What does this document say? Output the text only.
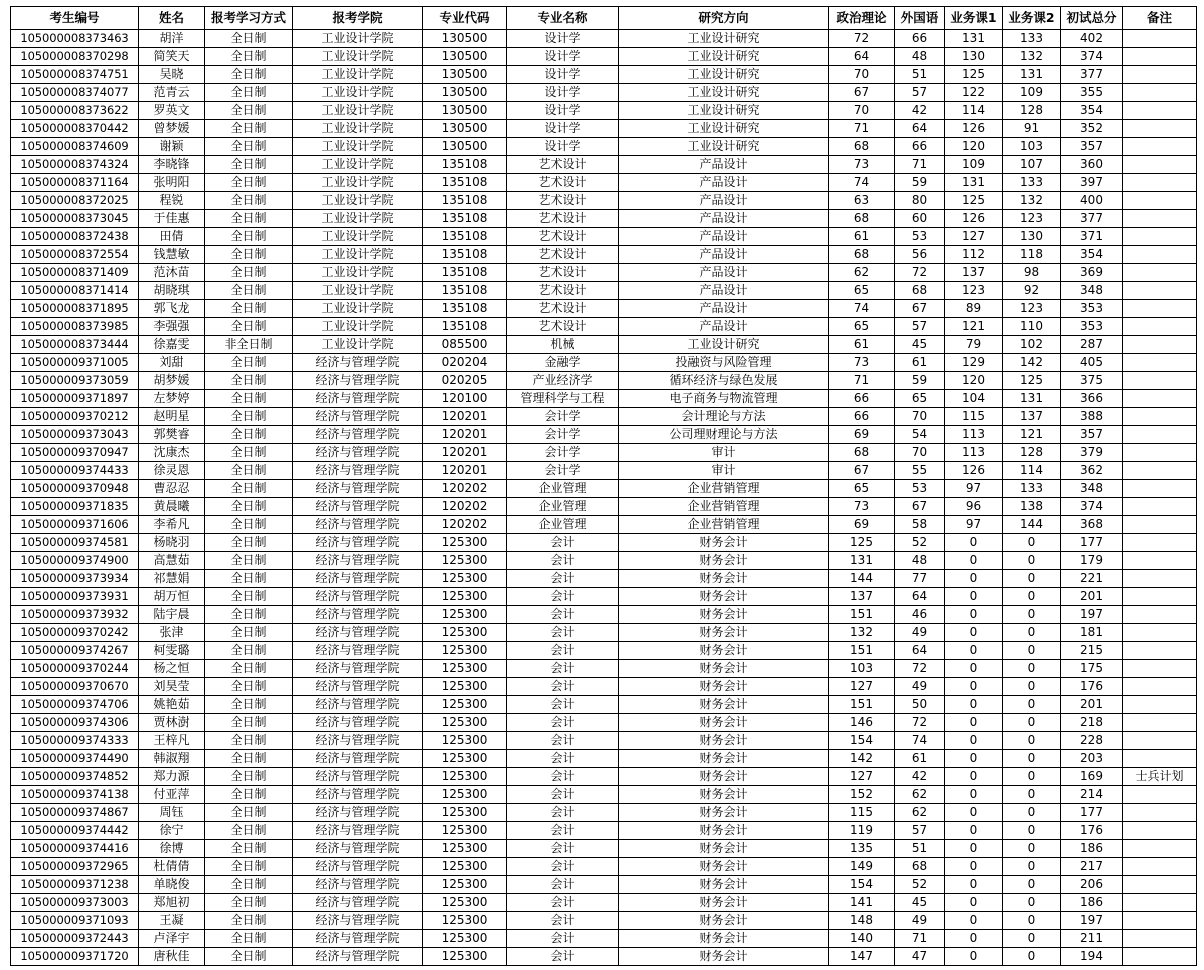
考生编号	姓名	报考学习方式	报考学院	专业代码	专业名称	研究方向	政治理论	外国语	业务课1	业务课2	初试总分	备注
105000008373463	胡洋	全日制	工业设计学院	130500	设计学	工业设计研究	72	66	131	133	402	
105000008370298	简笑天	全日制	工业设计学院	130500	设计学	工业设计研究	64	48	130	132	374	
105000008374751	吴晓	全日制	工业设计学院	130500	设计学	工业设计研究	70	51	125	131	377	
105000008374077	范青云	全日制	工业设计学院	130500	设计学	工业设计研究	67	57	122	109	355	
105000008373622	罗英文	全日制	工业设计学院	130500	设计学	工业设计研究	70	42	114	128	354	
105000008370442	曾梦媛	全日制	工业设计学院	130500	设计学	工业设计研究	71	64	126	91	352	
105000008374609	谢颖	全日制	工业设计学院	130500	设计学	工业设计研究	68	66	120	103	357	
105000008374324	李晓锋	全日制	工业设计学院	135108	艺术设计	产品设计	73	71	109	107	360	
105000008371164	张明阳	全日制	工业设计学院	135108	艺术设计	产品设计	74	59	131	133	397	
105000008372025	程锐	全日制	工业设计学院	135108	艺术设计	产品设计	63	80	125	132	400	
105000008373045	于佳惠	全日制	工业设计学院	135108	艺术设计	产品设计	68	60	126	123	377	
105000008372438	田倩	全日制	工业设计学院	135108	艺术设计	产品设计	61	53	127	130	371	
105000008372554	钱慧敏	全日制	工业设计学院	135108	艺术设计	产品设计	68	56	112	118	354	
105000008371409	范沐苗	全日制	工业设计学院	135108	艺术设计	产品设计	62	72	137	98	369	
105000008371414	胡晓琪	全日制	工业设计学院	135108	艺术设计	产品设计	65	68	123	92	348	
105000008371895	郭飞龙	全日制	工业设计学院	135108	艺术设计	产品设计	74	67	89	123	353	
105000008373985	李强强	全日制	工业设计学院	135108	艺术设计	产品设计	65	57	121	110	353	
105000008373444	徐嘉雯	非全日制	工业设计学院	085500	机械	工业设计研究	61	45	79	102	287	
105000009371005	刘甜	全日制	经济与管理学院	020204	金融学	投融资与风险管理	73	61	129	142	405	
105000009373059	胡梦媛	全日制	经济与管理学院	020205	产业经济学	循环经济与绿色发展	71	59	120	125	375	
105000009371897	左梦婷	全日制	经济与管理学院	120100	管理科学与工程	电子商务与物流管理	66	65	104	131	366	
105000009370212	赵明星	全日制	经济与管理学院	120201	会计学	会计理论与方法	66	70	115	137	388	
105000009373043	郭樊睿	全日制	经济与管理学院	120201	会计学	公司理财理论与方法	69	54	113	121	357	
105000009370947	沈康杰	全日制	经济与管理学院	120201	会计学	审计	68	70	113	128	379	
105000009374433	徐灵恩	全日制	经济与管理学院	120201	会计学	审计	67	55	126	114	362	
105000009370948	曹忍忍	全日制	经济与管理学院	120202	企业管理	企业营销管理	65	53	97	133	348	
105000009371835	黄晨曦	全日制	经济与管理学院	120202	企业管理	企业营销管理	73	67	96	138	374	
105000009371606	李希凡	全日制	经济与管理学院	120202	企业管理	企业营销管理	69	58	97	144	368	
105000009374581	杨晓羽	全日制	经济与管理学院	125300	会计	财务会计	125	52	0	0	177	
105000009374900	高慧茹	全日制	经济与管理学院	125300	会计	财务会计	131	48	0	0	179	
105000009373934	祁慧娟	全日制	经济与管理学院	125300	会计	财务会计	144	77	0	0	221	
105000009373931	胡万恒	全日制	经济与管理学院	125300	会计	财务会计	137	64	0	0	201	
105000009373932	陆宇晨	全日制	经济与管理学院	125300	会计	财务会计	151	46	0	0	197	
105000009370242	张津	全日制	经济与管理学院	125300	会计	财务会计	132	49	0	0	181	
105000009374267	柯雯璐	全日制	经济与管理学院	125300	会计	财务会计	151	64	0	0	215	
105000009370244	杨之恒	全日制	经济与管理学院	125300	会计	财务会计	103	72	0	0	175	
105000009370670	刘昊莹	全日制	经济与管理学院	125300	会计	财务会计	127	49	0	0	176	
105000009374706	姚艳茹	全日制	经济与管理学院	125300	会计	财务会计	151	50	0	0	201	
105000009374306	贾林澍	全日制	经济与管理学院	125300	会计	财务会计	146	72	0	0	218	
105000009374333	王梓凡	全日制	经济与管理学院	125300	会计	财务会计	154	74	0	0	228	
105000009374490	韩淑翔	全日制	经济与管理学院	125300	会计	财务会计	142	61	0	0	203	
105000009374852	郑力源	全日制	经济与管理学院	125300	会计	财务会计	127	42	0	0	169	士兵计划
105000009374138	付亚萍	全日制	经济与管理学院	125300	会计	财务会计	152	62	0	0	214	
105000009374867	周钰	全日制	经济与管理学院	125300	会计	财务会计	115	62	0	0	177	
105000009374442	徐宁	全日制	经济与管理学院	125300	会计	财务会计	119	57	0	0	176	
105000009374416	徐博	全日制	经济与管理学院	125300	会计	财务会计	135	51	0	0	186	
105000009372965	杜倩倩	全日制	经济与管理学院	125300	会计	财务会计	149	68	0	0	217	
105000009371238	单晓俊	全日制	经济与管理学院	125300	会计	财务会计	154	52	0	0	206	
105000009373003	郑旭初	全日制	经济与管理学院	125300	会计	财务会计	141	45	0	0	186	
105000009371093	王凝	全日制	经济与管理学院	125300	会计	财务会计	148	49	0	0	197	
105000009372443	卢泽宇	全日制	经济与管理学院	125300	会计	财务会计	140	71	0	0	211	
105000009371720	唐秋佳	全日制	经济与管理学院	125300	会计	财务会计	147	47	0	0	194	
